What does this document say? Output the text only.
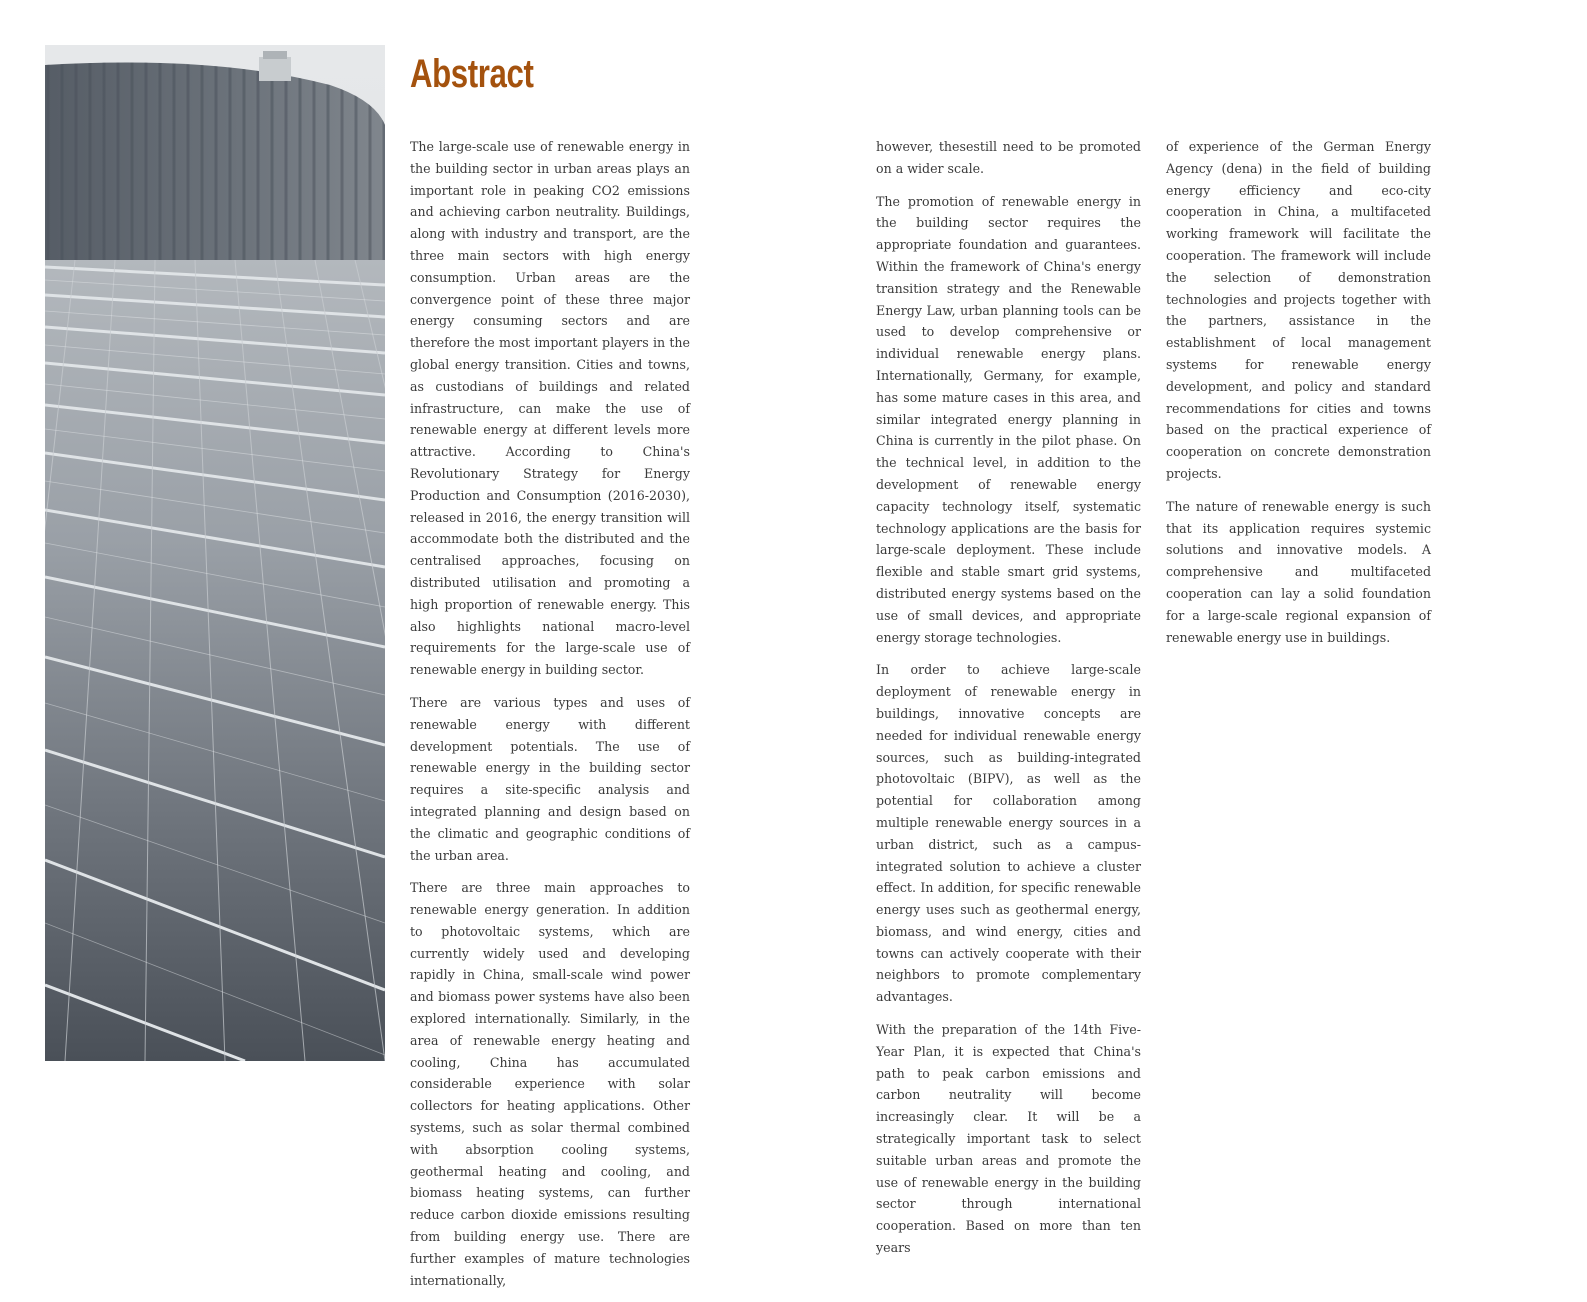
Abstract

The large-scale use of renewable energy in the building sector in urban areas plays an important role in peaking CO2 emissions and achieving carbon neutrality. Buildings, along with industry and transport, are the three main sectors with high energy consumption. Urban areas are the convergence point of these three major energy consuming sectors and are therefore the most important players in the global energy transition. Cities and towns, as custodians of buildings and related infrastructure, can make the use of renewable energy at different levels more attractive. According to China's Revolutionary Strategy for Energy Production and Consumption (2016-2030), released in 2016, the energy transition will accommodate both the distributed and the centralised approaches, focusing on distributed utilisation and promoting a high proportion of renewable energy. This also highlights national macro-level requirements for the large-scale use of renewable energy in building sector.

There are various types and uses of renewable energy with different development potentials. The use of renewable energy in the building sector requires a site-specific analysis and integrated planning and design based on the climatic and geographic conditions of the urban area.

There are three main approaches to renewable energy generation. In addition to photovoltaic systems, which are currently widely used and developing rapidly in China, small-scale wind power and biomass power systems have also been explored internationally. Similarly, in the area of renewable energy heating and cooling, China has accumulated considerable experience with solar collectors for heating applications. Other systems, such as solar thermal combined with absorption cooling systems, geothermal heating and cooling, and biomass heating systems, can further reduce carbon dioxide emissions resulting from building energy use. There are further examples of mature technologies internationally,

however, thesestill need to be promoted on a wider scale.

The promotion of renewable energy in the building sector requires the appropriate foundation and guarantees. Within the framework of China's energy transition strategy and the Renewable Energy Law, urban planning tools can be used to develop comprehensive or individual renewable energy plans. Internationally, Germany, for example, has some mature cases in this area, and similar integrated energy planning in China is currently in the pilot phase. On the technical level, in addition to the development of renewable energy capacity technology itself, systematic technology applications are the basis for large-scale deployment. These include flexible and stable smart grid systems, distributed energy systems based on the use of small devices, and appropriate energy storage technologies.

In order to achieve large-scale deployment of renewable energy in buildings, innovative concepts are needed for individual renewable energy sources, such as building-integrated photovoltaic (BIPV), as well as the potential for collaboration among multiple renewable energy sources in a urban district, such as a campus-integrated solution to achieve a cluster effect. In addition, for specific renewable energy uses such as geothermal energy, biomass, and wind energy, cities and towns can actively cooperate with their neighbors to promote complementary advantages.

With the preparation of the 14th Five-Year Plan, it is expected that China's path to peak carbon emissions and carbon neutrality will become increasingly clear. It will be a strategically important task to select suitable urban areas and promote the use of renewable energy in the building sector through international cooperation. Based on more than ten years

of experience of the German Energy Agency (dena) in the field of building energy efficiency and eco-city cooperation in China, a multifaceted working framework will facilitate the cooperation. The framework will include the selection of demonstration technologies and projects together with the partners, assistance in the establishment of local management systems for renewable energy development, and policy and standard recommendations for cities and towns based on the practical experience of cooperation on concrete demonstration projects.

The nature of renewable energy is such that its application requires systemic solutions and innovative models. A comprehensive and multifaceted cooperation can lay a solid foundation for a large-scale regional expansion of renewable energy use in buildings.
